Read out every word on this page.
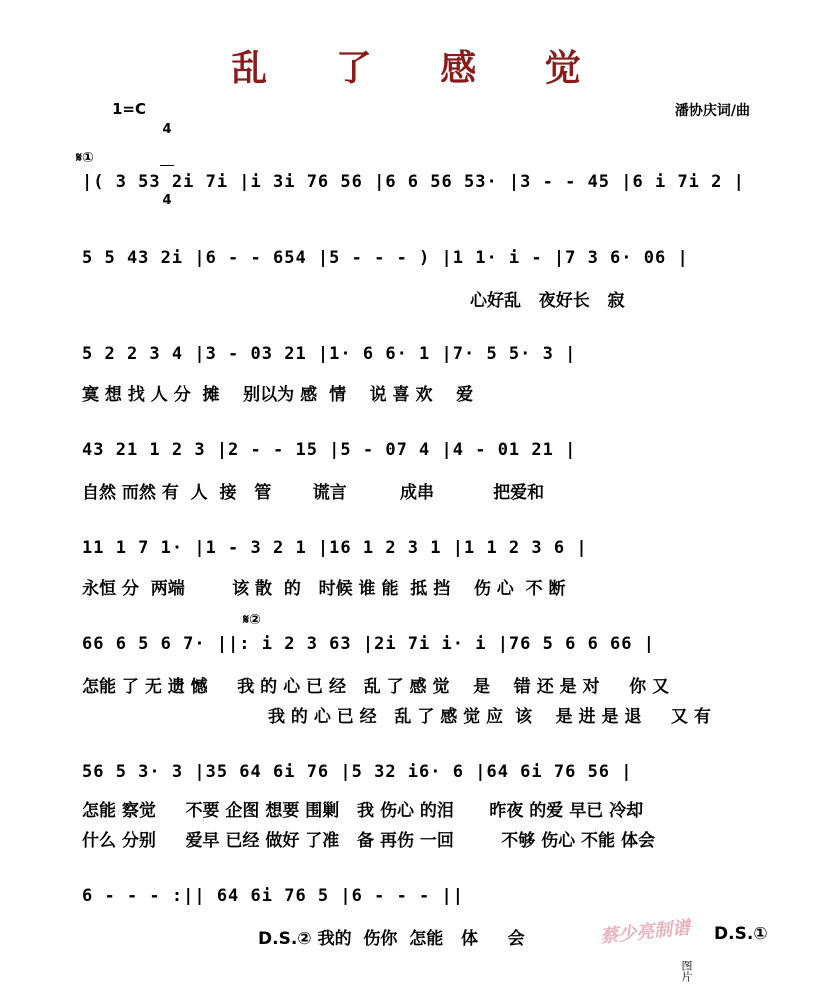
乱 了 感 觉
1=C

4

4

潘协庆词/曲
𝄋①
|( 3 53 2i 7i |i 3i 76 56 |6 6 56 53· |3 - - 45 |6 i 7i 2 |
5 5 43 2i |6 - - 654 |5 - - - ) |1 1· i - |7 3 6· 06 |
心好乱   夜好长   寂
5 2 2 3 4 |3 - 03 21 |1· 6 6· 1 |7· 5 5· 3 |
寞 想 找 人 分  摊    别以为 感  情    说 喜 欢    爱
43 21 1 2 3 |2 - - 15 |5 - 07 4 |4 - 01 21 |
自然 而然 有  人  接   管       谎言         成串          把爱和
11 1 7 1· |1 - 3 2 1 |16 1 2 3 1 |1 1 2 3 6 |
永恒 分  两端        该 散  的   时候 谁 能  抵 挡    伤 心  不 断
𝄋②
66 6 5 6 7· ||: i 2 3 63 |2i 7i i· i |76 5 6 6 66 |
怎能 了 无 遗 憾     我 的 心 已 经   乱 了 感 觉    是    错 还 是 对     你 又
我 的 心 已 经   乱 了 感 觉 应  该    是 进 是 退     又 有
56 5 3· 3 |35 64 6i 76 |5 32 i6· 6 |64 6i 76 56 |
怎能 察觉     不要 企图 想要 围剿   我 伤心 的泪      昨夜 的爱 早已 冷却
什么 分别     爱早 已经 做好 了准   备 再伤 一回        不够 伤心 不能 体会
6 - - - :|| 64 6i 76 5 |6 - - - ||
D.S.② 我的  伤你  怎能   体     会	D.S.①
蔡少亮制谱
图片
